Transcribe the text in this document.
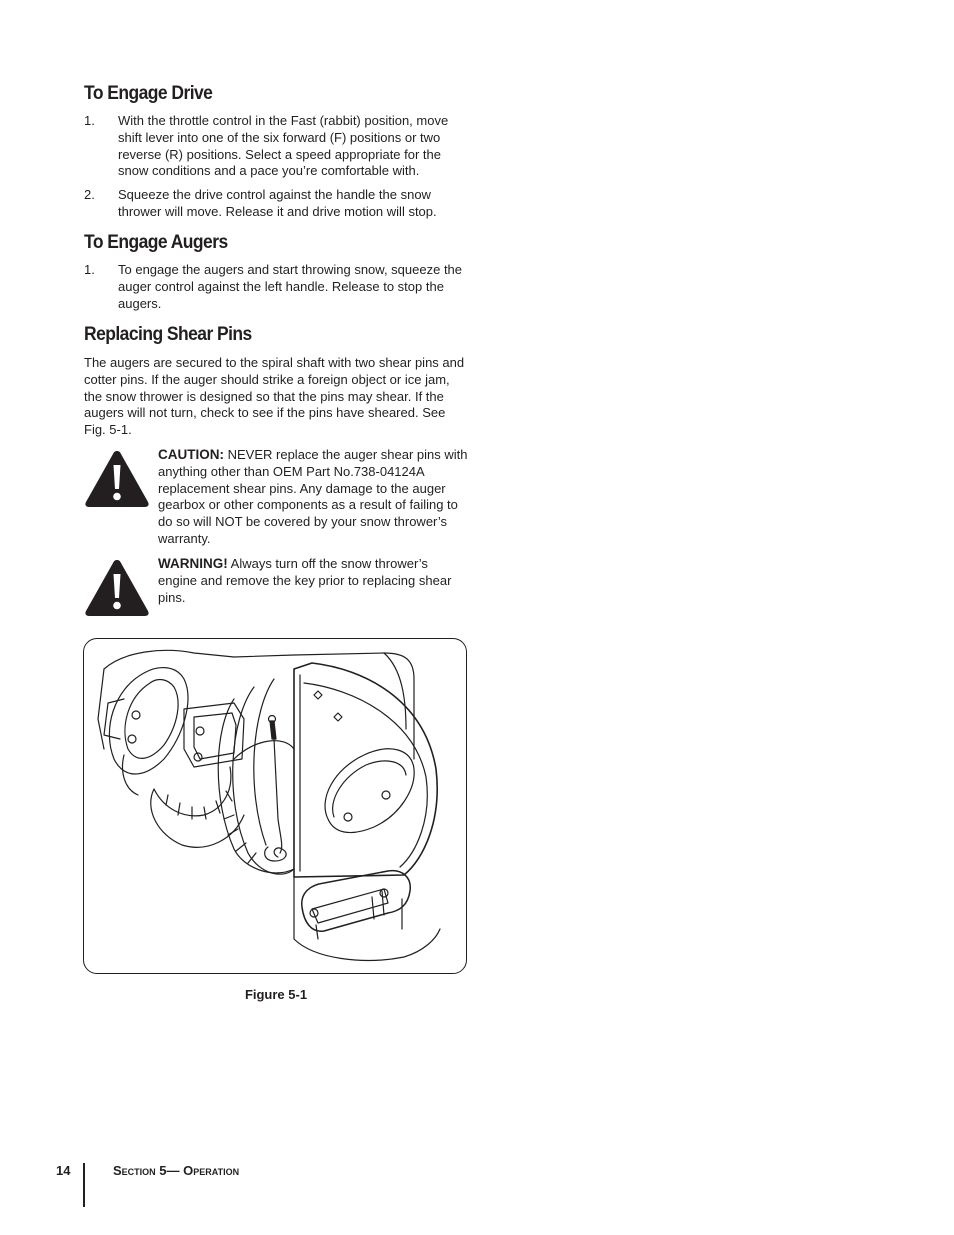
To Engage Drive
1. With the throttle control in the Fast (rabbit) position, move shift lever into one of the six forward (F) positions or two reverse (R) positions. Select a speed appropriate for the snow conditions and a pace you’re comfortable with.
2. Squeeze the drive control against the handle the snow thrower will move. Release it and drive motion will stop.
To Engage Augers
1. To engage the augers and start throwing snow, squeeze the auger control against the left handle. Release to stop the augers.
Replacing Shear Pins

The augers are secured to the spiral shaft with two shear pins and cotter pins. If the auger should strike a foreign object or ice jam, the snow thrower is designed so that the pins may shear. If the augers will not turn, check to see if the pins have sheared. See Fig. 5-1.

CAUTION: NEVER replace the auger shear pins with anything other than OEM Part No.738-04124A replacement shear pins. Any damage to the auger gearbox or other components as a result of failing to do so will NOT be covered by your snow thrower’s warranty.
WARNING! Always turn off the snow thrower’s engine and remove the key prior to replacing shear pins.
Figure 5-1
14	Section 5— Operation
